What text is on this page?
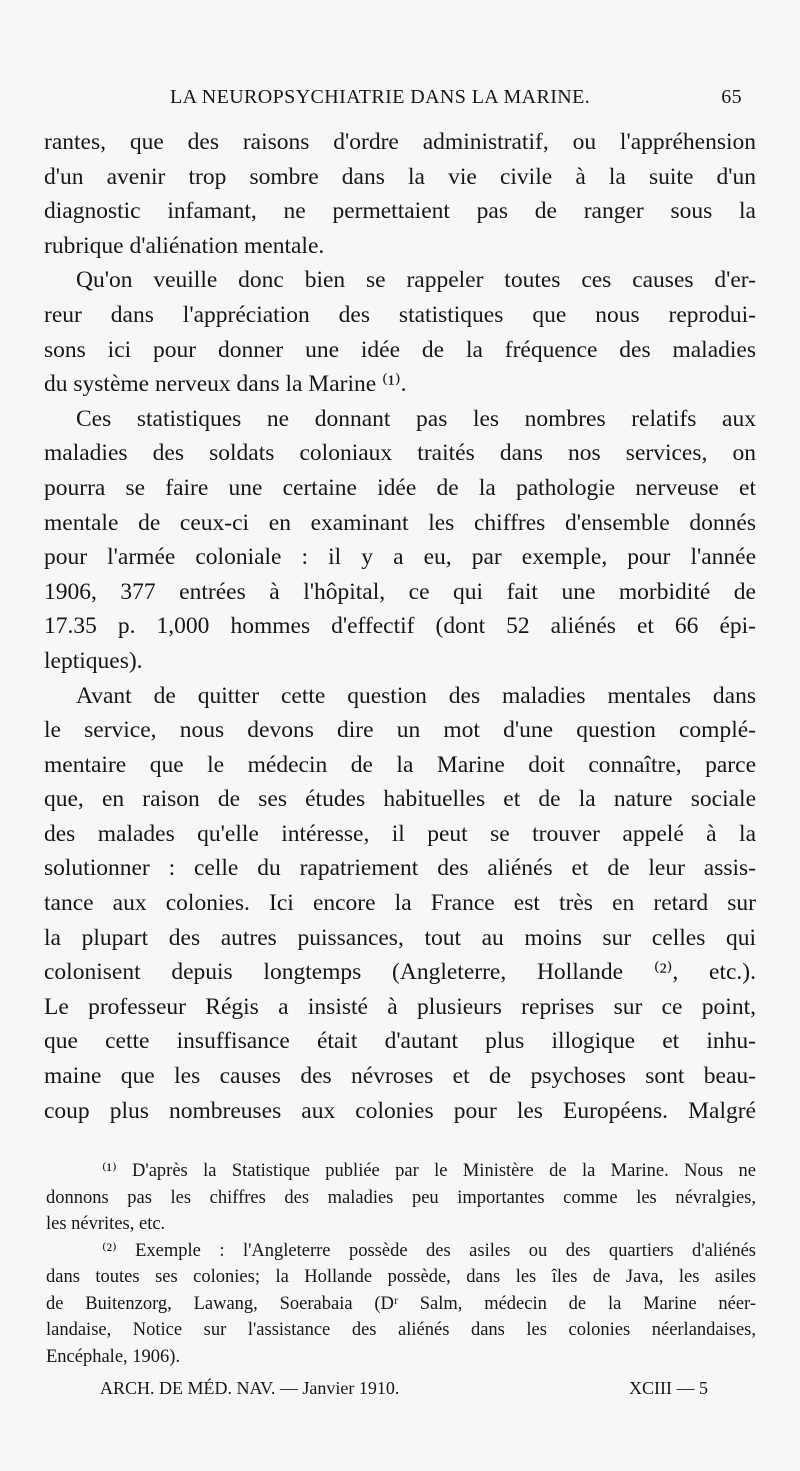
LA NEUROPSYCHIATRIE DANS LA MARINE.	65
rantes, que des raisons d'ordre administratif, ou l'appréhension
d'un avenir trop sombre dans la vie civile à la suite d'un
diagnostic infamant, ne permettaient pas de ranger sous la
rubrique d'aliénation mentale.
Qu'on veuille donc bien se rappeler toutes ces causes d'er-
reur dans l'appréciation des statistiques que nous reprodui-
sons ici pour donner une idée de la fréquence des maladies
du système nerveux dans la Marine ⁽¹⁾.
Ces statistiques ne donnant pas les nombres relatifs aux
maladies des soldats coloniaux traités dans nos services, on
pourra se faire une certaine idée de la pathologie nerveuse et
mentale de ceux-ci en examinant les chiffres d'ensemble donnés
pour l'armée coloniale : il y a eu, par exemple, pour l'année
1906, 377 entrées à l'hôpital, ce qui fait une morbidité de
17.35 p. 1,000 hommes d'effectif (dont 52 aliénés et 66 épi-
leptiques).
Avant de quitter cette question des maladies mentales dans
le service, nous devons dire un mot d'une question complé-
mentaire que le médecin de la Marine doit connaître, parce
que, en raison de ses études habituelles et de la nature sociale
des malades qu'elle intéresse, il peut se trouver appelé à la
solutionner : celle du rapatriement des aliénés et de leur assis-
tance aux colonies. Ici encore la France est très en retard sur
la plupart des autres puissances, tout au moins sur celles qui
colonisent depuis longtemps (Angleterre, Hollande ⁽²⁾, etc.).
Le professeur Régis a insisté à plusieurs reprises sur ce point,
que cette insuffisance était d'autant plus illogique et inhu-
maine que les causes des névroses et de psychoses sont beau-
coup plus nombreuses aux colonies pour les Européens. Malgré
⁽¹⁾ D'après la Statistique publiée par le Ministère de la Marine. Nous ne
donnons pas les chiffres des maladies peu importantes comme les névralgies,
les névrites, etc.
⁽²⁾ Exemple : l'Angleterre possède des asiles ou des quartiers d'aliénés
dans toutes ses colonies; la Hollande possède, dans les îles de Java, les asiles
de Buitenzorg, Lawang, Soerabaia (Dʳ Salm, médecin de la Marine néer-
landaise, Notice sur l'assistance des aliénés dans les colonies néerlandaises,
Encéphale, 1906).
ARCH. DE MÉD. NAV. — Janvier 1910.	XCIII — 5
